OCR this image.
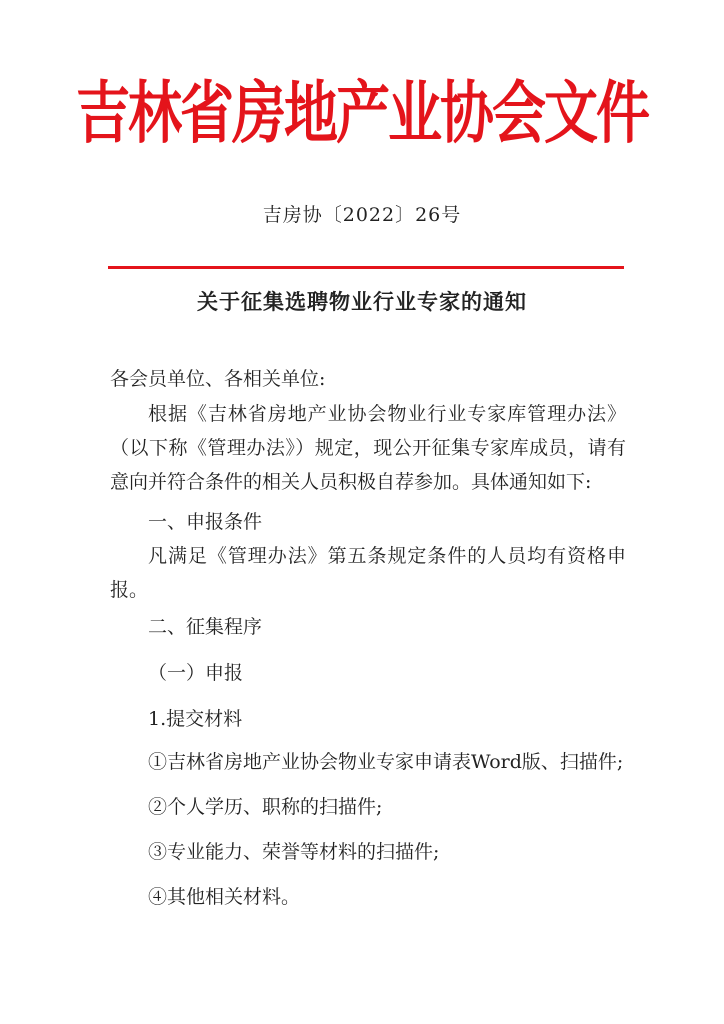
吉林省房地产业协会文件
吉房协〔2022〕26号
关于征集选聘物业行业专家的通知

各会员单位、各相关单位:

根据《吉林省房地产业协会物业行业专家库管理办法》（以下称《管理办法》）规定，现公开征集专家库成员，请有意向并符合条件的相关人员积极自荐参加。具体通知如下:

一、申报条件

凡满足《管理办法》第五条规定条件的人员均有资格申报。

二、征集程序

（一）申报

1.提交材料

①吉林省房地产业协会物业专家申请表Word版、扫描件;

②个人学历、职称的扫描件;

③专业能力、荣誉等材料的扫描件;

④其他相关材料。
